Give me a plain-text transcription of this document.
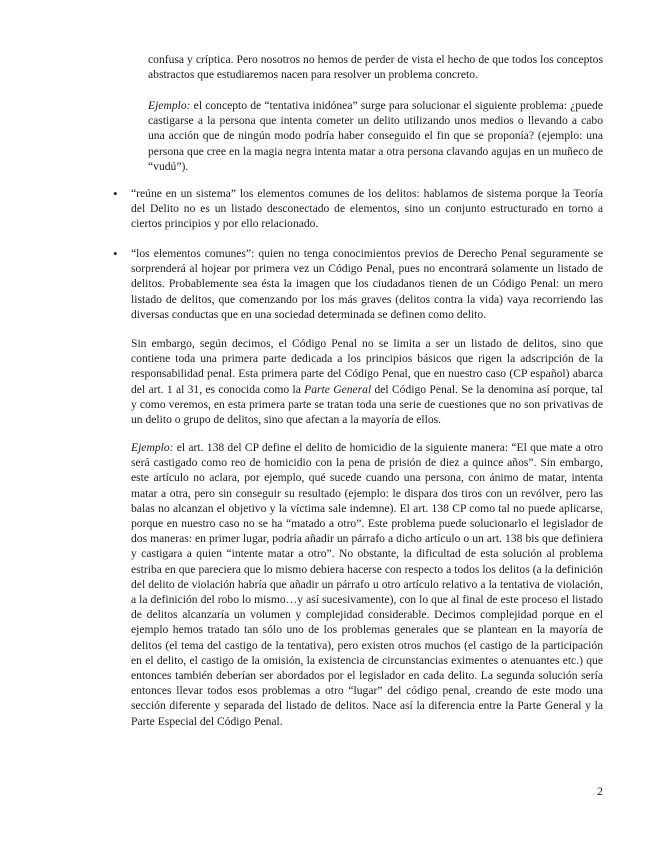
confusa y críptica. Pero nosotros no hemos de perder de vista el hecho de que todos los conceptos abstractos que estudiaremos nacen para resolver un problema concreto.

Ejemplo: el concepto de “tentativa inidónea” surge para solucionar el siguiente problema: ¿puede castigarse a la persona que intenta cometer un delito utilizando unos medios o llevando a cabo una acción que de ningún modo podría haber conseguido el fin que se proponía? (ejemplo: una persona que cree en la magia negra intenta matar a otra persona clavando agujas en un muñeco de “vudú”).

• “reúne en un sistema” los elementos comunes de los delitos: hablamos de sistema porque la Teoría del Delito no es un listado desconectado de elementos, sino un conjunto estructurado en torno a ciertos principios y por ello relacionado.

• “los elementos comunes”: quien no tenga conocimientos previos de Derecho Penal seguramente se sorprenderá al hojear por primera vez un Código Penal, pues no encontrará solamente un listado de delitos. Probablemente sea ésta la imagen que los ciudadanos tienen de un Código Penal: un mero listado de delitos, que comenzando por los más graves (delitos contra la vida) vaya recorriendo las diversas conductas que en una sociedad determinada se definen como delito.

Sin embargo, según decimos, el Código Penal no se limita a ser un listado de delitos, sino que contiene toda una primera parte dedicada a los principios básicos que rigen la adscripción de la responsabilidad penal. Esta primera parte del Código Penal, que en nuestro caso (CP español) abarca del art. 1 al 31, es conocida como la Parte General del Código Penal. Se la denomina así porque, tal y como veremos, en esta primera parte se tratan toda una serie de cuestiones que no son privativas de un delito o grupo de delitos, sino que afectan a la mayoría de ellos.

Ejemplo: el art. 138 del CP define el delito de homicidio de la siguiente manera: “El que mate a otro será castigado como reo de homicidio con la pena de prisión de diez a quince años”. Sin embargo, este artículo no aclara, por ejemplo, qué sucede cuando una persona, con ánimo de matar, intenta matar a otra, pero sin conseguir su resultado (ejemplo: le dispara dos tiros con un revólver, pero las balas no alcanzan el objetivo y la víctima sale indemne). El art. 138 CP como tal no puede aplicarse, porque en nuestro caso no se ha “matado a otro”. Este problema puede solucionarlo el legislador de dos maneras: en primer lugar, podría añadir un párrafo a dicho artículo o un art. 138 bis que definiera y castigara a quien “intente matar a otro”. No obstante, la dificultad de esta solución al problema estriba en que pareciera que lo mismo debiera hacerse con respecto a todos los delitos (a la definición del delito de violación habría que añadir un párrafo u otro artículo relativo a la tentativa de violación, a la definición del robo lo mismo…y así sucesivamente), con lo que al final de este proceso el listado de delitos alcanzaría un volumen y complejidad considerable. Decimos complejidad porque en el ejemplo hemos tratado tan sólo uno de los problemas generales que se plantean en la mayoría de delitos (el tema del castigo de la tentativa), pero existen otros muchos (el castigo de la participación en el delito, el castigo de la omisión, la existencia de circunstancias eximentes o atenuantes etc.) que entonces también deberían ser abordados por el legislador en cada delito. La segunda solución sería entonces llevar todos esos problemas a otro “lugar” del código penal, creando de este modo una sección diferente y separada del listado de delitos. Nace así la diferencia entre la Parte General y la Parte Especial del Código Penal.

2
